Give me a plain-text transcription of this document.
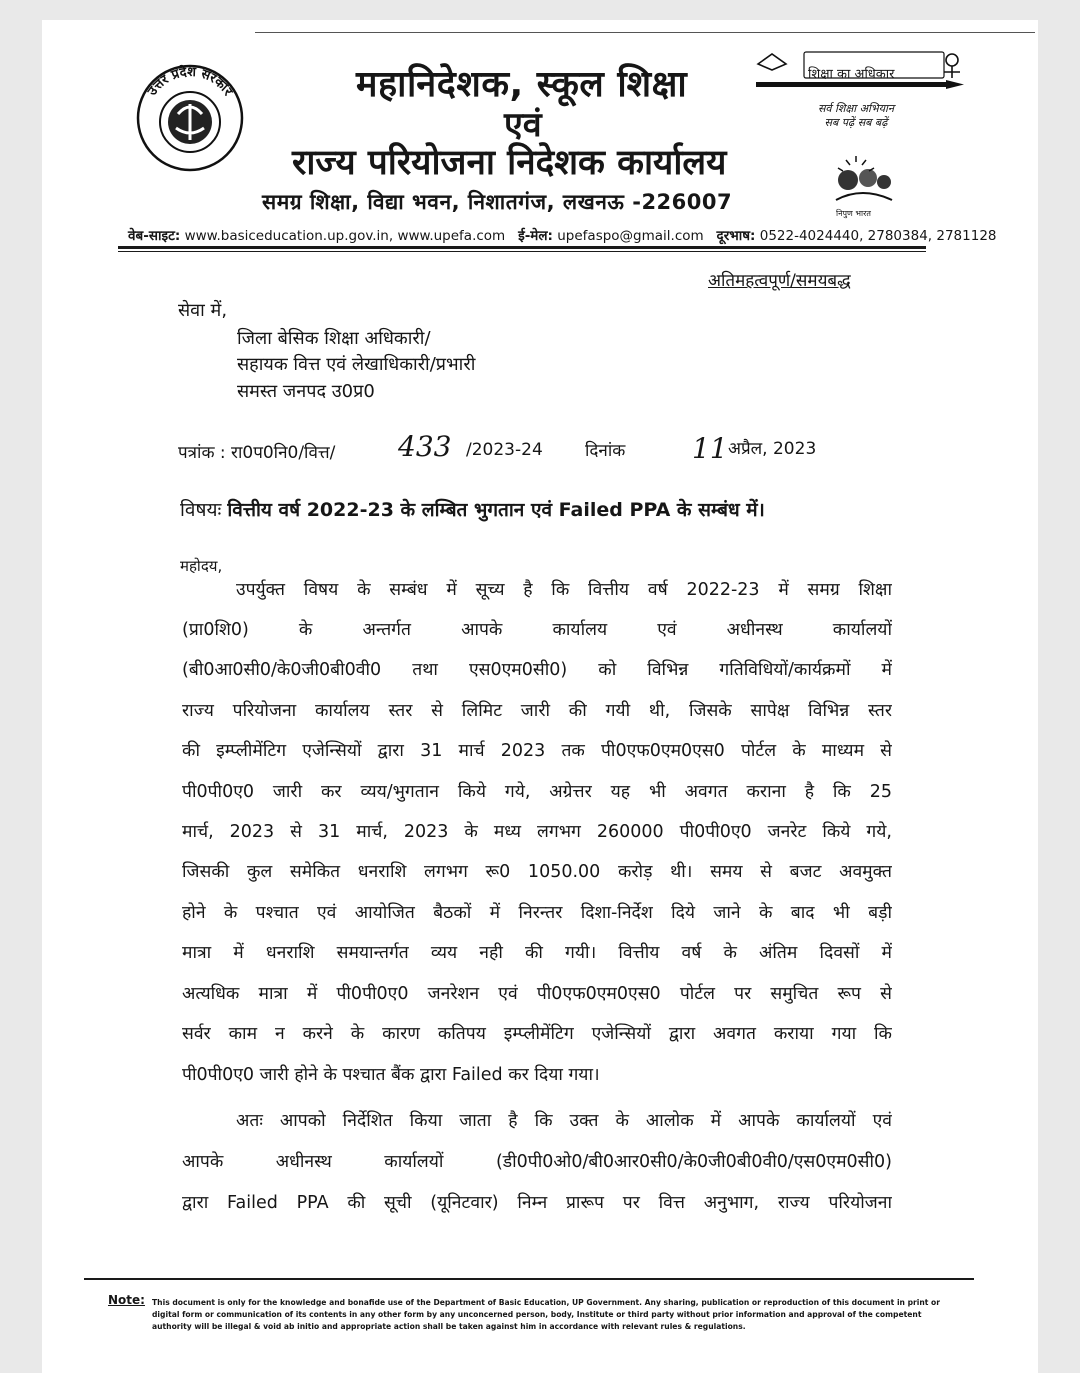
उत्तर प्रदेश सरकार	महानिदेशक, स्कूल शिक्षा
एवं
राज्य परियोजना निदेशक कार्यालय
समग्र शिक्षा, विद्या भवन, निशातगंज, लखनऊ -226007
शिक्षा का अधिकार
सर्व शिक्षा अभियान
सब पढ़ें सब बढ़ें
निपुण भारत
वेब-साइट: www.basiceducation.up.gov.in, www.upefa.com ई-मेल: upefaspo@gmail.com दूरभाष: 0522-4024440, 2780384, 2781128
अतिमहत्वपूर्ण/समयबद्ध
सेवा में,
जिला बेसिक शिक्षा अधिकारी/
सहायक वित्त एवं लेखाधिकारी/प्रभारी
समस्त जनपद उ0प्र0
पत्रांक : रा0प0नि0/वित्त/ 433 /2023-24 दिनांक 11 अप्रैल, 2023
विषयः वित्तीय वर्ष 2022-23 के लम्बित भुगतान एवं Failed PPA के सम्बंध में।
महोदय,
उपर्युक्त विषय के सम्बंध में सूच्य है कि वित्तीय वर्ष 2022-23 में समग्र शिक्षा
(प्रा0शि0) के अन्तर्गत आपके कार्यालय एवं अधीनस्थ कार्यालयों
(बी0आ0सी0/के0जी0बी0वी0 तथा एस0एम0सी0) को विभिन्न गतिविधियों/कार्यक्रमों में
राज्य परियोजना कार्यालय स्तर से लिमिट जारी की गयी थी, जिसके सापेक्ष विभिन्न स्तर
की इम्प्लीमेंटिग एजेन्सियों द्वारा 31 मार्च 2023 तक पी0एफ0एम0एस0 पोर्टल के माध्यम से
पी0पी0ए0 जारी कर व्यय/भुगतान किये गये, अग्रेत्तर यह भी अवगत कराना है कि 25
मार्च, 2023 से 31 मार्च, 2023 के मध्य लगभग 260000 पी0पी0ए0 जनरेट किये गये,
जिसकी कुल समेकित धनराशि लगभग रू0 1050.00 करोड़ थी। समय से बजट अवमुक्त
होने के पश्चात एवं आयोजित बैठकों में निरन्तर दिशा-निर्देश दिये जाने के बाद भी बड़ी
मात्रा में धनराशि समयान्तर्गत व्यय नही की गयी। वित्तीय वर्ष के अंतिम दिवसों में
अत्यधिक मात्रा में पी0पी0ए0 जनरेशन एवं पी0एफ0एम0एस0 पोर्टल पर समुचित रूप से
सर्वर काम न करने के कारण कतिपय इम्प्लीमेंटिग एजेन्सियों द्वारा अवगत कराया गया कि
पी0पी0ए0 जारी होने के पश्चात बैंक द्वारा Failed कर दिया गया।
अतः आपको निर्देशित किया जाता है कि उक्त के आलोक में आपके कार्यालयों एवं
आपके अधीनस्थ कार्यालयों (डी0पी0ओ0/बी0आर0सी0/के0जी0बी0वी0/एस0एम0सी0)
द्वारा Failed PPA की सूची (यूनिटवार) निम्न प्रारूप पर वित्त अनुभाग, राज्य परियोजना
Note: This document is only for the knowledge and bonafide use of the Department of Basic Education, UP Government. Any sharing, publication or reproduction of this document in print or digital form or communication of its contents in any other form by any unconcerned person, body, Institute or third party without prior information and approval of the competent authority will be illegal & void ab initio and appropriate action shall be taken against him in accordance with relevant rules & regulations.
